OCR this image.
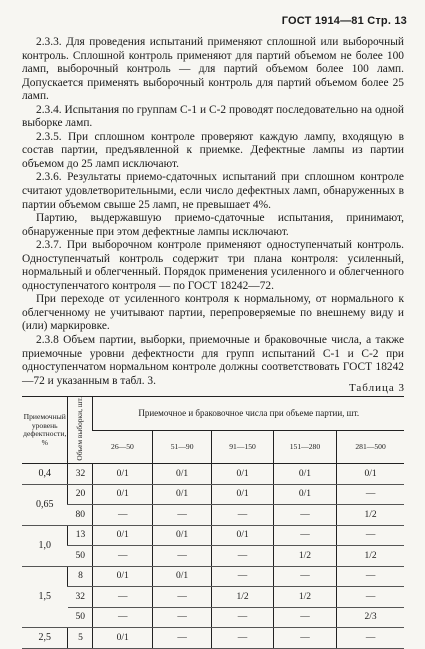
ГОСТ 1914—81 Стр. 13

2.3.3. Для проведения испытаний применяют сплошной или выборочный контроль. Сплошной контроль применяют для партий объемом не более 100 ламп, выборочный контроль — для партий объемом более 100 ламп. Допускается применять выборочный контроль для партий объемом более 25 ламп.

2.3.4. Испытания по группам С-1 и С-2 проводят последовательно на одной выборке ламп.

2.3.5. При сплошном контроле проверяют каждую лампу, входящую в состав партии, предъявленной к приемке. Дефектные лампы из партии объемом до 25 ламп исключают.

2.3.6. Результаты приемо-сдаточных испытаний при сплошном контроле считают удовлетворительными, если число дефектных ламп, обнаруженных в партии объемом свыше 25 ламп, не превышает 4%.

Партию, выдержавшую приемо-сдаточные испытания, принимают, обнаруженные при этом дефектные лампы исключают.

2.3.7. При выборочном контроле применяют одноступенчатый контроль. Одноступенчатый контроль содержит три плана контроля: усиленный, нормальный и облегченный. Порядок применения усиленного и облегченного одноступенчатого контроля — по ГОСТ 18242—72.

При переходе от усиленного контроля к нормальному, от нормального к облегченному не учитывают партии, перепроверяемые по внешнему виду и (или) маркировке.

2.3.8 Объем партии, выборки, приемочные и браковочные числа, а также приемочные уровни дефектности для групп испытаний С-1 и С-2 при одноступенчатом нормальном контроле должны соответствовать ГОСТ 18242—72 и указанным в табл. 3.

Таблица 3
Приемочный уровень дефектности, %	Объем выборки, шт.	Приемочное и браковочное числа при объеме партии, шт.				
		26—50	51—90	91—150	151—280	281—500
0,4	32	0/1	0/1	0/1	0/1	0/1
0,65	20	0/1	0/1	0/1	0/1	—
	80	—	—	—	—	1/2
1,0	13	0/1	0/1	0/1	—	—
	50	—	—	—	1/2	1/2
1,5	8	0/1	0/1	—	—	—
	32	—	—	1/2	1/2	—
	50	—	—	—	—	2/3
2,5	5	0/1	—	—	—	—
